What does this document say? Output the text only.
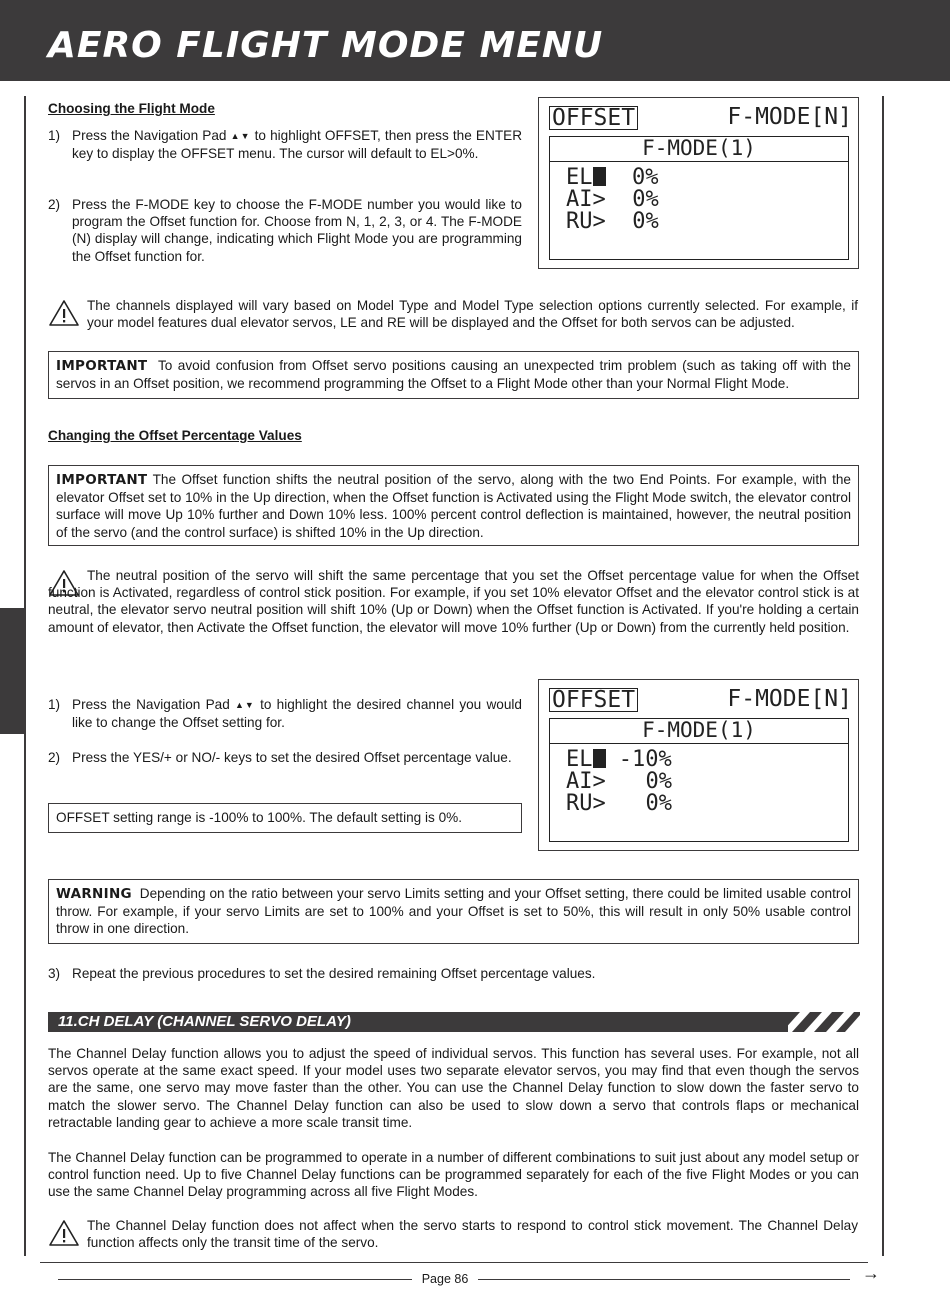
AERO FLIGHT MODE MENU
Choosing the Flight Mode
1) Press the Navigation Pad ▲▼ to highlight OFFSET, then press the ENTER key to display the OFFSET menu. The cursor will default to EL>0%.
2) Press the F-MODE key to choose the F-MODE number you would like to program the Offset function for. Choose from N, 1, 2, 3, or 4. The F-MODE (N) display will change, indicating which Flight Mode you are programming the Offset function for.
OFFSET	F-MODE[N]
F-MODE(1)
EL  0%
AI>  0%
RU>  0%
The channels displayed will vary based on Model Type and Model Type selection options currently selected. For example, if your model features dual elevator servos, LE and RE will be displayed and the Offset for both servos can be adjusted.
IMPORTANT To avoid confusion from Offset servo positions causing an unexpected trim problem (such as taking off with the servos in an Offset position, we recommend programming the Offset to a Flight Mode other than your Normal Flight Mode.
Changing the Offset Percentage Values
IMPORTANT The Offset function shifts the neutral position of the servo, along with the two End Points. For example, with the elevator Offset set to 10% in the Up direction, when the Offset function is Activated using the Flight Mode switch, the elevator control surface will move Up 10% further and Down 10% less. 100% percent control deflection is maintained, however, the neutral position of the servo (and the control surface) is shifted 10% in the Up direction.
The neutral position of the servo will shift the same percentage that you set the Offset percentage value for when the Offset function is Activated, regardless of control stick position. For example, if you set 10% elevator Offset and the elevator control stick is at neutral, the elevator servo neutral position will shift 10% (Up or Down) when the Offset function is Activated. If you're holding a certain amount of elevator, then Activate the Offset function, the elevator will move 10% further (Up or Down) from the currently held position.
1) Press the Navigation Pad ▲▼ to highlight the desired channel you would like to change the Offset setting for.
2) Press the YES/+ or NO/- keys to set the desired Offset percentage value.
OFFSET setting range is -100% to 100%. The default setting is 0%.
OFFSET	F-MODE[N]
F-MODE(1)
EL -10%
AI>   0%
RU>   0%
WARNING Depending on the ratio between your servo Limits setting and your Offset setting, there could be limited usable control throw. For example, if your servo Limits are set to 100% and your Offset is set to 50%, this will result in only 50% usable control throw in one direction.
3) Repeat the previous procedures to set the desired remaining Offset percentage values.
11.CH DELAY (CHANNEL SERVO DELAY)
The Channel Delay function allows you to adjust the speed of individual servos. This function has several uses. For example, not all servos operate at the same exact speed. If your model uses two separate elevator servos, you may find that even though the servos are the same, one servo may move faster than the other. You can use the Channel Delay function to slow down the faster servo to match the slower servo. The Channel Delay function can also be used to slow down a servo that controls flaps or mechanical retractable landing gear to achieve a more scale transit time.
The Channel Delay function can be programmed to operate in a number of different combinations to suit just about any model setup or control function need. Up to five Channel Delay functions can be programmed separately for each of the five Flight Modes or you can use the same Channel Delay programming across all five Flight Modes.
The Channel Delay function does not affect when the servo starts to respond to control stick movement. The Channel Delay function affects only the transit time of the servo.
Page 86	→
